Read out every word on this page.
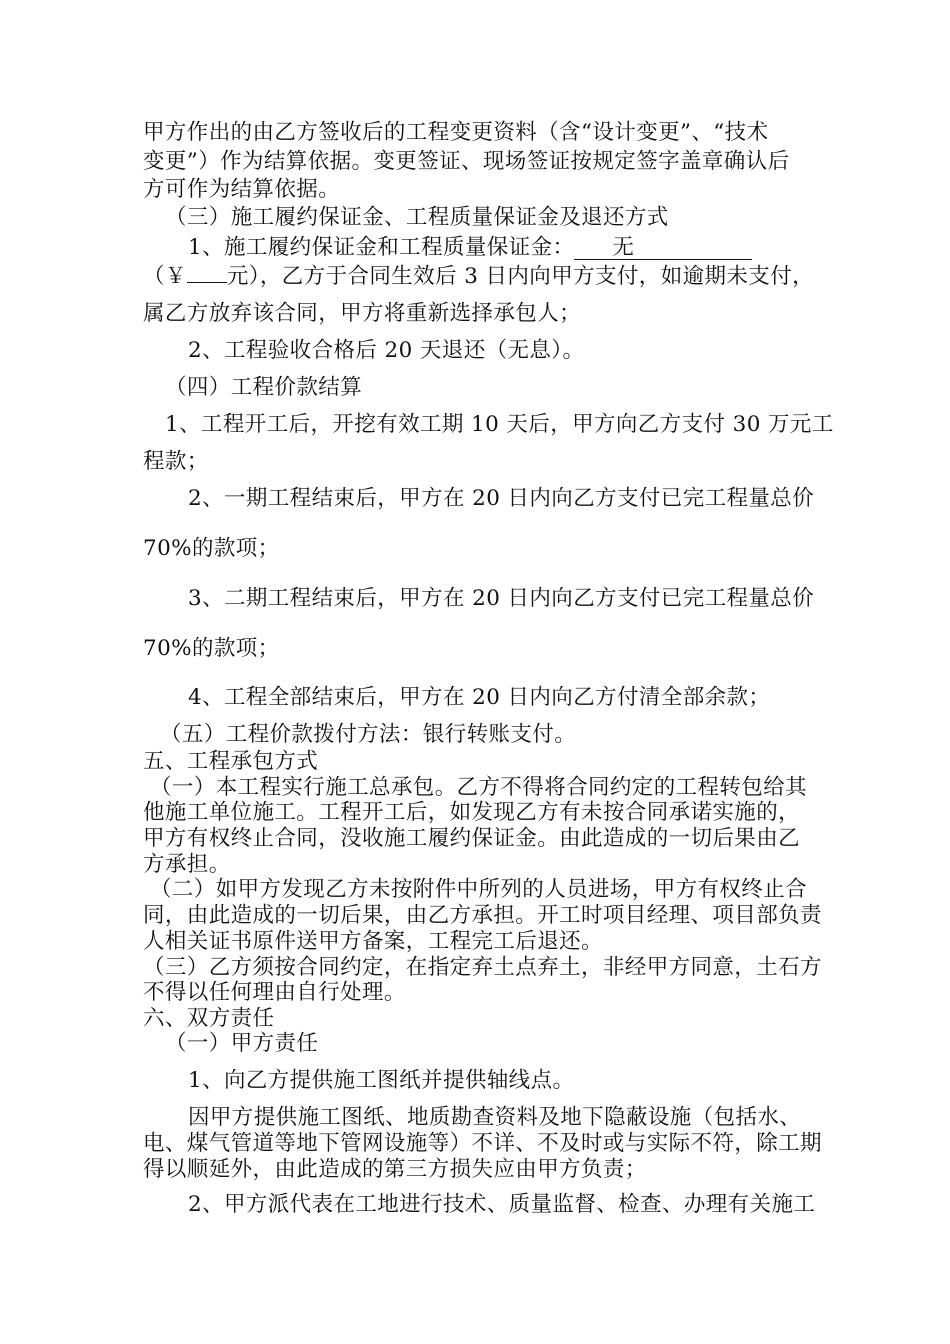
甲方作出的由乙方签收后的工程变更资料（含“设计变更”、“技术

变更”）作为结算依据。变更签证、现场签证按规定签字盖章确认后

方可作为结算依据。

（三）施工履约保证金、工程质量保证金及退还方式

1、施工履约保证金和工程质量保证金： 无

（￥ 元），乙方于合同生效后 3 日内向甲方支付，如逾期未支付，

属乙方放弃该合同，甲方将重新选择承包人；

2、工程验收合格后 20 天退还（无息）。

（四）工程价款结算

1、工程开工后，开挖有效工期 10 天后，甲方向乙方支付 30 万元工

程款；

2、一期工程结束后，甲方在 20 日内向乙方支付已完工程量总价

70%的款项；

3、二期工程结束后，甲方在 20 日内向乙方支付已完工程量总价

70%的款项；

4、工程全部结束后，甲方在 20 日内向乙方付清全部余款；

（五）工程价款拨付方法：银行转账支付。

五、工程承包方式

（一）本工程实行施工总承包。乙方不得将合同约定的工程转包给其

他施工单位施工。工程开工后，如发现乙方有未按合同承诺实施的，

甲方有权终止合同，没收施工履约保证金。由此造成的一切后果由乙

方承担。

（二）如甲方发现乙方未按附件中所列的人员进场，甲方有权终止合

同，由此造成的一切后果，由乙方承担。开工时项目经理、项目部负责

人相关证书原件送甲方备案，工程完工后退还。

（三）乙方须按合同约定，在指定弃土点弃土，非经甲方同意，土石方

不得以任何理由自行处理。

六、双方责任

（一）甲方责任

1、向乙方提供施工图纸并提供轴线点。

因甲方提供施工图纸、地质勘查资料及地下隐蔽设施（包括水、

电、煤气管道等地下管网设施等）不详、不及时或与实际不符，除工期

得以顺延外，由此造成的第三方损失应由甲方负责；

2、甲方派代表在工地进行技术、质量监督、检查、办理有关施工
